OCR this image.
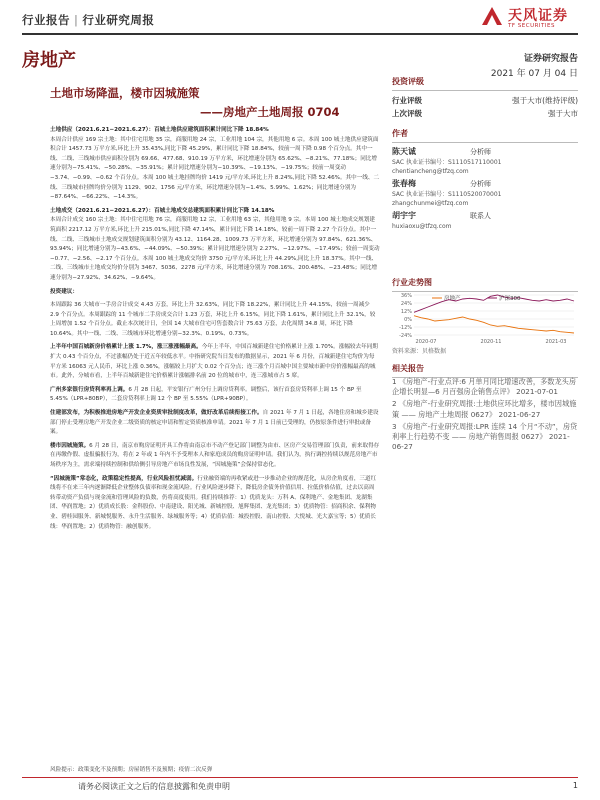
行业报告 | 行业研究周报	天风证券
TF SECURITIES
房地产	证券研究报告
2021 年 07 月 04 日
土地市场降温，楼市因城施策
——房地产土地周报 0704
土地供应（2021.6.21−2021.6.27）：百城土地供应建筑面积累计同比下降 18.84%
本周合计供应 169 宗土地：其中住宅用地 35 宗，商服用地 24 宗，工业用地 104 宗，其他用地 6 宗。本周 100 城土地供应建筑面积合计 1457.73 万平方米,环比上升 35.43%,同比下降 45.29%，累计同比下降 18.84%，较前一周下降 0.98 个百分点。其中一线、二线、三线城市供应面积分别为 69.66、477.68、910.19 万平方米，环比增速分别为 65.62%、−8.21%、77.18%；同比增速分别为−75.41%、−50.28%、−35.91%；累计同比增速分别为−10.39%、−19.13%、−19.75%；较前一周变动−3.74、−0.99、−0.62 个百分点。本周 100 城土地挂牌均价 1419 元/平方米,环比上升 8.24%,同比下降 52.46%。其中一线、二线、三线城市挂牌均价分别为 1129、902、1756 元/平方米，环比增速分别为−1.4%、5.99%、1.62%；同比增速分别为−87.64%、−66.22%、−14.3%。
土地成交（2021.6.21−2021.6.27）：百城土地成交总建筑面积累计同比下降 14.18%
本周合计成交 160 宗土地：其中住宅用地 76 宗，商服用地 12 宗，工业用地 63 宗，其他用地 9 宗。本周 100 城土地成交规划建筑面积 2217.12 万平方米,环比上升 215.01%,同比下降 47.14%，累计同比下降 14.18%，较前一周下降 2.27 个百分点。其中一线、二线、三线城市土地成交规划建筑面积分别为 43.12、1164.28、1009.73 万平方米，环比增速分别为 97.84%、621.36%、93.94%；同比增速分别为−43.6%、−44.09%、−50.39%；累计同比增速分别为 2.27%、−12.97%、−17.49%；较前一周变动−0.77、−2.56、−2.17 个百分点。本周 100 城土地成交均价 3750 元/平方米,环比上升 44.29%,同比上升 18.37%。其中一线、二线、三线城市土地成交均价分别为 3467、5036、2278 元/平方米，环比增速分别为 708.16%、200.48%、−23.48%；同比增速分别为−27.92%、34.62%、−9.64%。
投资建议：
本周跟踪 36 大城市一手房合计成交 4.43 万套，环比上升 32.63%，同比下降 18.22%，累计同比上升 44.15%，较前一周减少 2.9 个百分点。本周跟踪的 11 个城市二手房成交合计 1.23 万套，环比上升 6.15%，同比下降 1.61%，累计同比上升 32.1%，较上周增加 1.52 个百分点。截止本次统计日，全国 14 大城市住宅可售套数合计 75.63 万套，去化周期 34.8 周，环比下降 10.64%。其中一线、二线、三线城市环比增速分别−32.3%、0.19%、0.73%。
上半年中国百城新房价格累计上涨 1.7%，涨三涨涨幅最高。今年上半年，中国百城新建住宅价格累计上涨 1.70%。涨幅较去年同期扩大 0.43 个百分点，不过涨幅仍处于近五年较低水平。中指研究院当日发布的数据显示，2021 年 6 月份，百城新建住宅均价为每平方米 16063 元人民币，环比上涨 0.36%，涨幅较上月扩大 0.02 个百分点；连三涨个月百城中国主要城市新中房价涨幅最高的城市。此外，分城市看，上半年百城新建住宅价格累计涨幅排名前 20 位的城市中，连三涨城市占 5 席。
广州多家银行房贷利率再上调。6 月 28 日起，平安银行广州分行上调房贷利率。调整后，该行首套房贷利率上调 15 个 BP 至 5.45%（LPR+80BP），二套房贷利率上调 12 个 BP 至 5.55%（LPR+90BP）。
住建部发布，为积极推进房地产开发企业资质审批制度改革，做好改革后续衔接工作。自 2021 年 7 月 1 日起，各地住房和城乡建设部门停止受理房地产开发企业二级资质的核定申请和暂定资质核准申请。2021 年 7 月 1 日前已受理的，仍按原条件进行审批或备案。
楼市因城施策。6 月 28 日，南京市购房证明开具工作将由南京市不动产登记部门调整为由市、区房产交易管理部门负责，前来取得存在再缴作假、虚报骗报行为，将在 2 年或 1 年内不予受理本人和家庭成员的购房证明申请。我们认为，执行调控持续以规范房地产市场秩序为主，需求端持续控制和供给侧引导房地产市场良性发展，“因城施策”会保持常态化。
“因城施策”常态化，政策稳定性提高，行业风险担忧减弱。行业融资端的再收紧或进一步推动企业的规范化，从房企角度看，三道红线将不在来三年内逐渐降低企业整体负债率和现金流风险。行业风险逐步降下，降低房企债务价值信用、拉低价格估值，过去以高周转带动资产负债与现金流和管理风险的负数，仍将高度使用。我们持续推荐：1）优质龙头：万科 A、保利地产、金地集团、龙湖集团、华润置地；2）优质成长股：金科股份、中南建设、阳光城、新城控股、旭辉集团、龙光集团；3）优质物管：招商积余、保利物业、碧桂园服务、新城悦服务、永升生活服务、绿城服务等；4）优质估值：城投控股、南山控股、大悦城、光大嘉宝等；5）优质长线：华润置地；2）优质物管：融创服务。
风险提示：政策变化不及预期；房屋销售不及预期；疫情二次反弹
投资评级
行业评级	强于大市(维持评级)
上次评级	强于大市
作者
陈天诚	分析师
SAC 执业证书编号：S1110517110001
chentiancheng@tfzq.com
张春梅	分析师
SAC 执业证书编号：S1110520070001
zhangchunmei@tfzq.com
胡宇宇	联系人
huxiaoxu@tfzq.com
行业走势图
36%
24%
12%
0%
-12%
-24%
2020-07	2020-11	2021-03
房地产	沪深300
资料来源：贝格数据
相关报告
1 《房地产-行业点评:6 月单月同比增速改善，多数龙头房企增长明显—6 月百强房企销售点评》 2021-07-01
2 《房地产-行业研究周报:土地供应环比增多，楼市因城施策 —— 房地产土地周报 0627》 2021-06-27
3 《房地产-行业研究周报:LPR 连续 14 个月“不动”，房贷利率上行趋势不变 —— 房地产销售周报 0627》 2021-06-27
请务必阅读正文之后的信息披露和免责申明	1
